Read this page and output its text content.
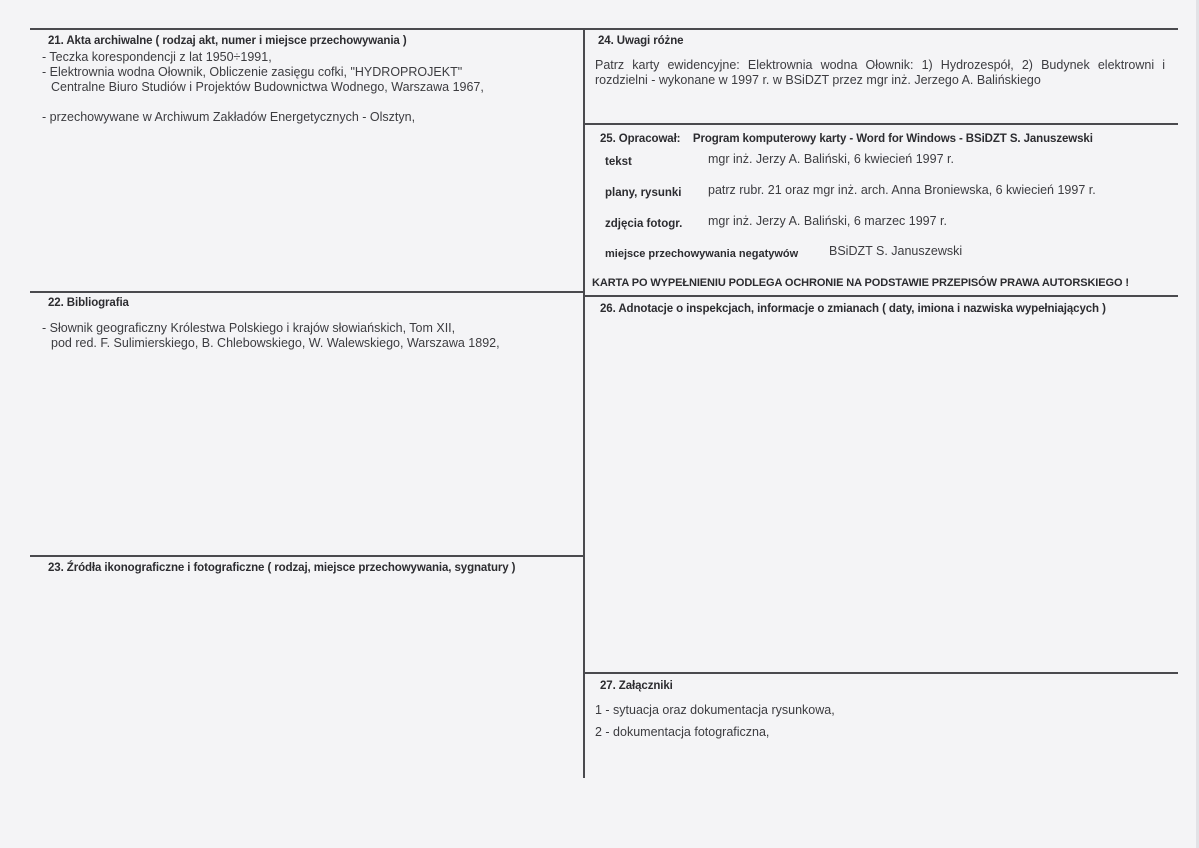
21. Akta archiwalne ( rodzaj akt, numer i miejsce przechowywania )
- Teczka korespondencji z lat 1950÷1991,
- Elektrownia wodna Ołownik, Obliczenie zasięgu cofki, "HYDROPROJEKT"
Centralne Biuro Studiów i Projektów Budownictwa Wodnego, Warszawa 1967,
- przechowywane w Archiwum Zakładów Energetycznych - Olsztyn,
22. Bibliografia
- Słownik geograficzny Królestwa Polskiego i krajów słowiańskich, Tom XII,
pod red. F. Sulimierskiego, B. Chlebowskiego, W. Walewskiego, Warszawa 1892,
23. Źródła ikonograficzne i fotograficzne ( rodzaj, miejsce przechowywania, sygnatury )
24. Uwagi różne
Patrz karty ewidencyjne: Elektrownia wodna Ołownik: 1) Hydrozespół, 2) Budynek elektrowni i rozdzielni - wykonane w 1997 r. w BSiDZT przez mgr inż. Jerzego A. Balińskiego
25. Opracował: Program komputerowy karty - Word for Windows - BSiDZT S. Januszewski
tekst	mgr inż. Jerzy A. Baliński, 6 kwiecień 1997 r.
plany, rysunki patrz rubr. 21 oraz mgr inż. arch. Anna Broniewska, 6 kwiecień 1997 r.
zdjęcia fotogr. mgr inż. Jerzy A. Baliński, 6 marzec 1997 r.
miejsce przechowywania negatywów BSiDZT S. Januszewski
KARTA PO WYPEŁNIENIU PODLEGA OCHRONIE NA PODSTAWIE PRZEPISÓW PRAWA AUTORSKIEGO !
26. Adnotacje o inspekcjach, informacje o zmianach ( daty, imiona i nazwiska wypełniających )
27. Załączniki
1 - sytuacja oraz dokumentacja rysunkowa,
2 - dokumentacja fotograficzna,
